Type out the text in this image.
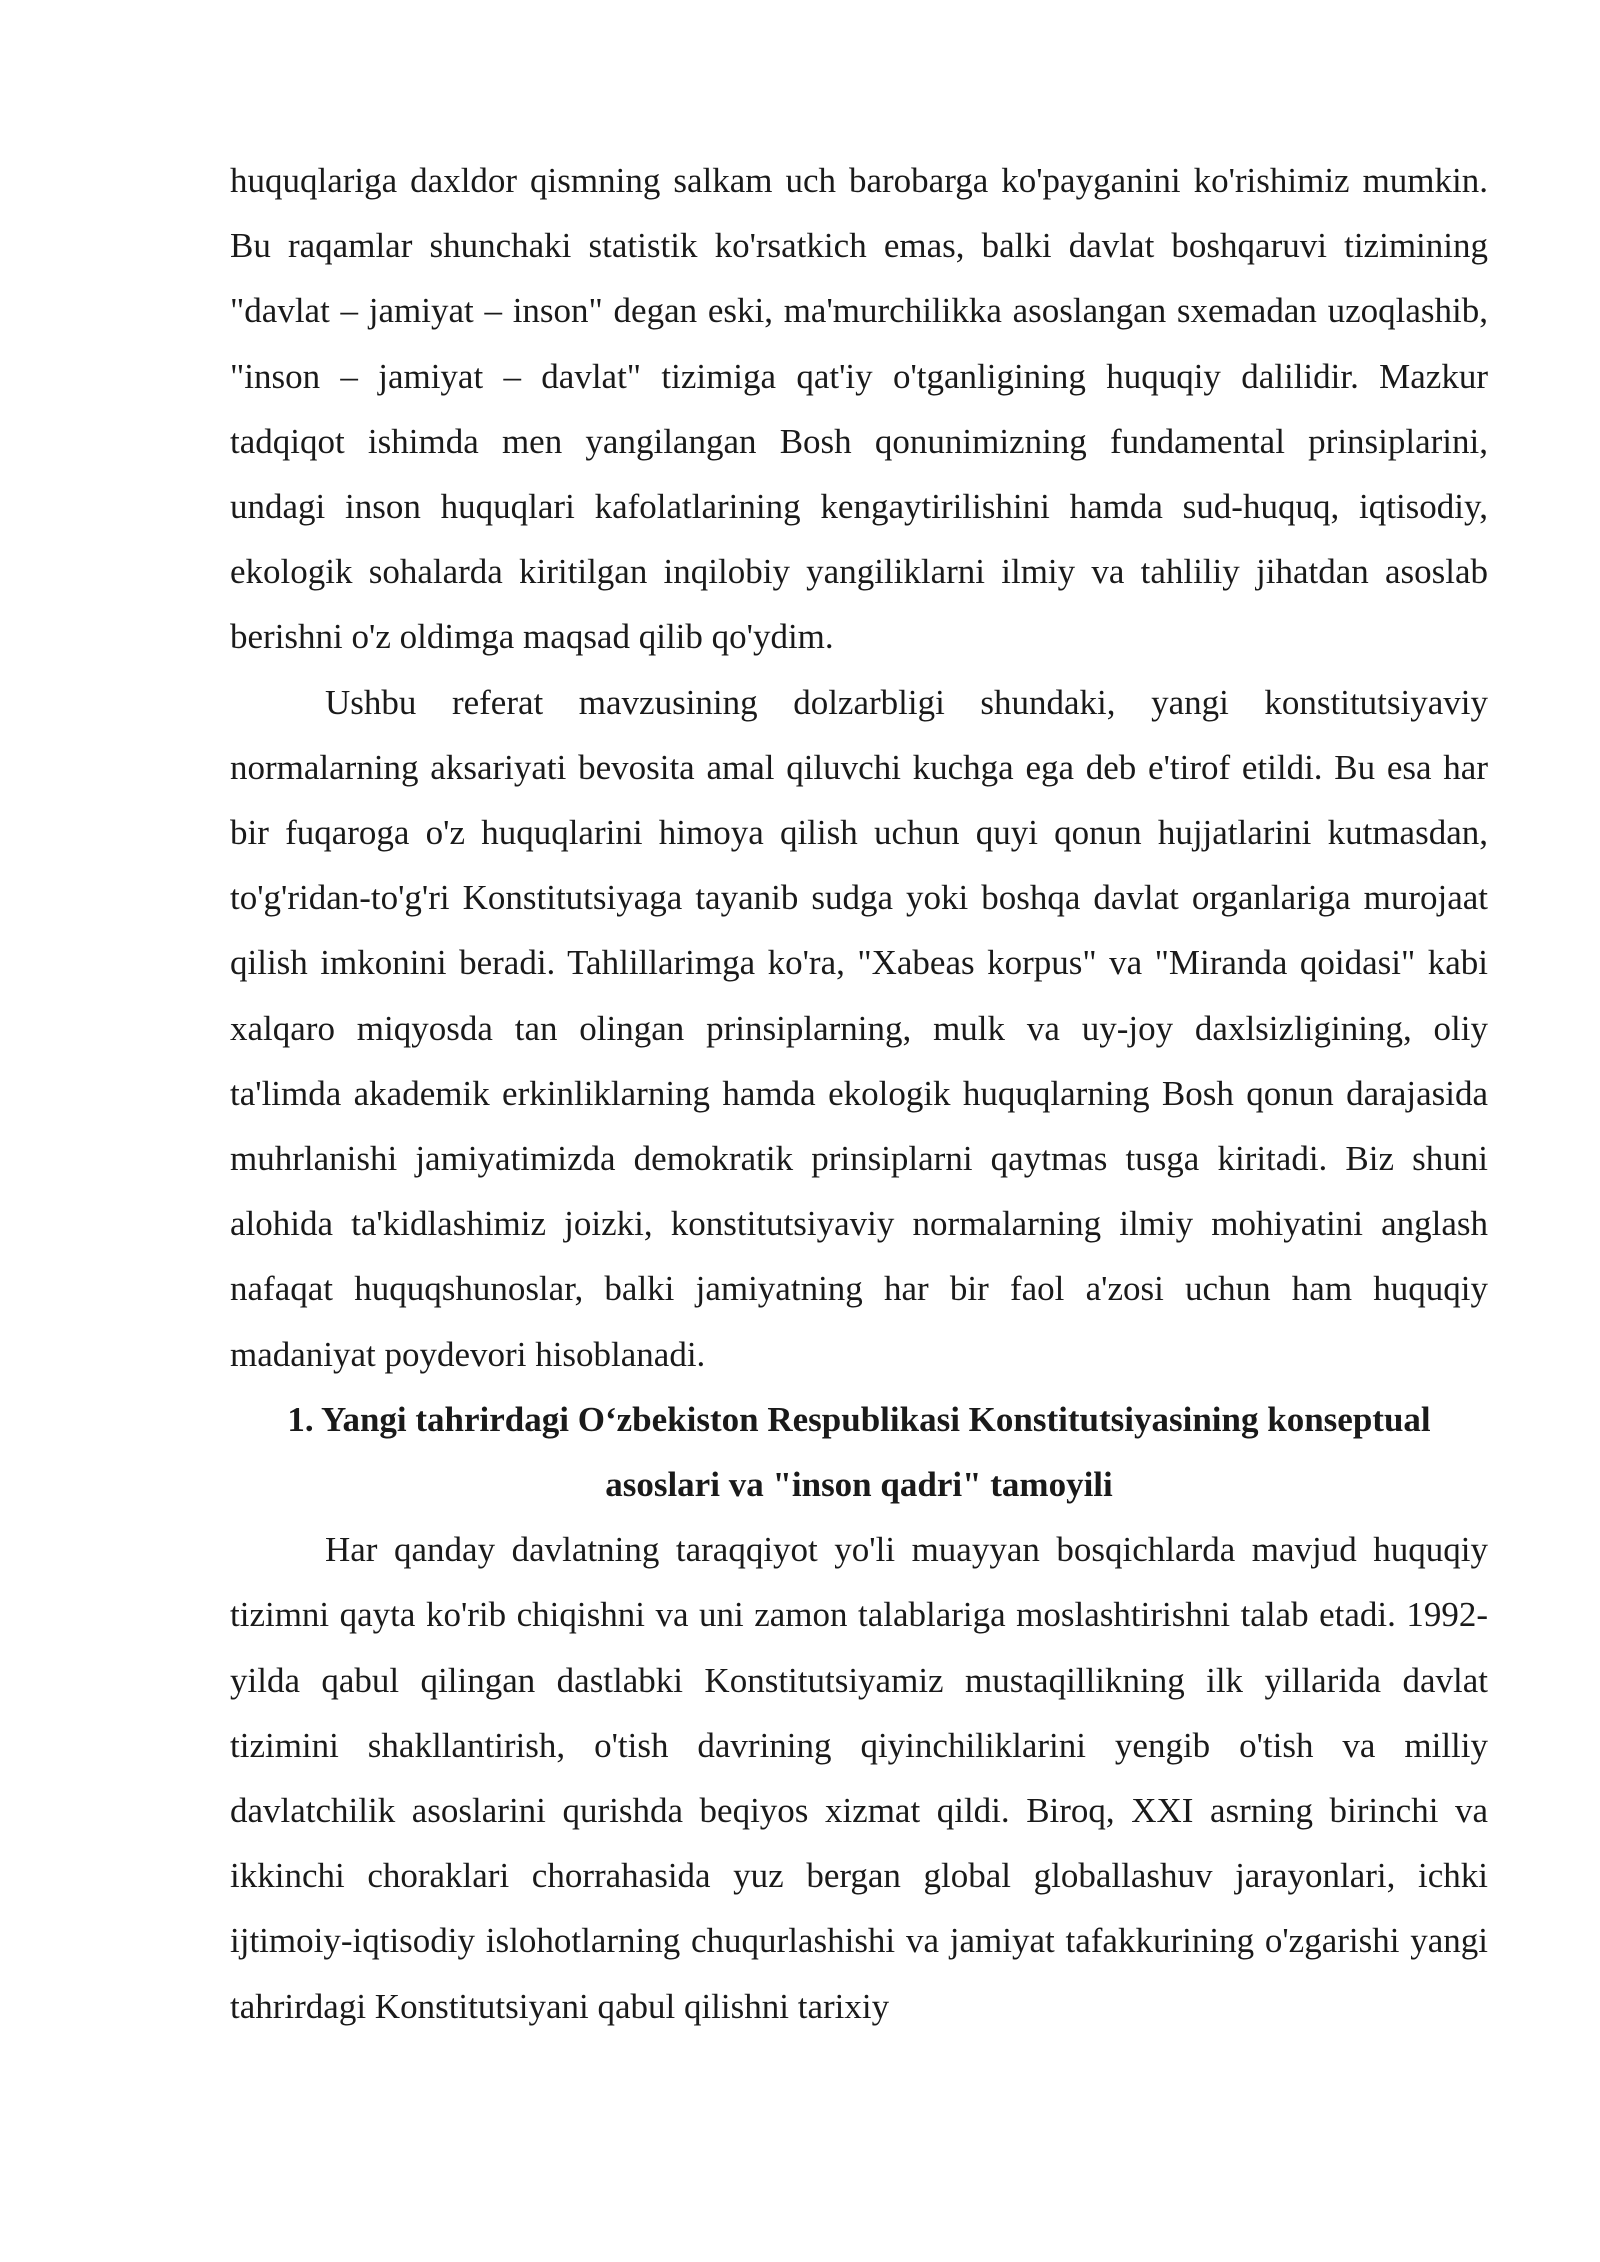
huquqlariga daxldor qismning salkam uch barobarga ko'payganini ko'rishimiz mumkin. Bu raqamlar shunchaki statistik ko'rsatkich emas, balki davlat boshqaruvi tizimining "davlat – jamiyat – inson" degan eski, ma'murchilikka asoslangan sxemadan uzoqlashib, "inson – jamiyat – davlat" tizimiga qat'iy o'tganligining huquqiy dalilidir. Mazkur tadqiqot ishimda men yangilangan Bosh qonunimizning fundamental prinsiplarini, undagi inson huquqlari kafolatlarining kengaytirilishini hamda sud-huquq, iqtisodiy, ekologik sohalarda kiritilgan inqilobiy yangiliklarni ilmiy va tahliliy jihatdan asoslab berishni o'z oldimga maqsad qilib qo'ydim.

Ushbu referat mavzusining dolzarbligi shundaki, yangi konstitutsiyaviy normalarning aksariyati bevosita amal qiluvchi kuchga ega deb e'tirof etildi. Bu esa har bir fuqaroga o'z huquqlarini himoya qilish uchun quyi qonun hujjatlarini kutmasdan, to'g'ridan-to'g'ri Konstitutsiyaga tayanib sudga yoki boshqa davlat organlariga murojaat qilish imkonini beradi. Tahlillarimga ko'ra, "Xabeas korpus" va "Miranda qoidasi" kabi xalqaro miqyosda tan olingan prinsiplarning, mulk va uy-joy daxlsizligining, oliy ta'limda akademik erkinliklarning hamda ekologik huquqlarning Bosh qonun darajasida muhrlanishi jamiyatimizda demokratik prinsiplarni qaytmas tusga kiritadi. Biz shuni alohida ta'kidlashimiz joizki, konstitutsiyaviy normalarning ilmiy mohiyatini anglash nafaqat huquqshunoslar, balki jamiyatning har bir faol a'zosi uchun ham huquqiy madaniyat poydevori hisoblanadi.

1. Yangi tahrirdagi O‘zbekiston Respublikasi Konstitutsiyasining konseptual asoslari va "inson qadri" tamoyili

Har qanday davlatning taraqqiyot yo'li muayyan bosqichlarda mavjud huquqiy tizimni qayta ko'rib chiqishni va uni zamon talablariga moslashtirishni talab etadi. 1992-yilda qabul qilingan dastlabki Konstitutsiyamiz mustaqillikning ilk yillarida davlat tizimini shakllantirish, o'tish davrining qiyinchiliklarini yengib o'tish va milliy davlatchilik asoslarini qurishda beqiyos xizmat qildi. Biroq, XXI asrning birinchi va ikkinchi choraklari chorrahasida yuz bergan global globallashuv jarayonlari, ichki ijtimoiy-iqtisodiy islohotlarning chuqurlashishi va jamiyat tafakkurining o'zgarishi yangi tahrirdagi Konstitutsiyani qabul qilishni tarixiy
